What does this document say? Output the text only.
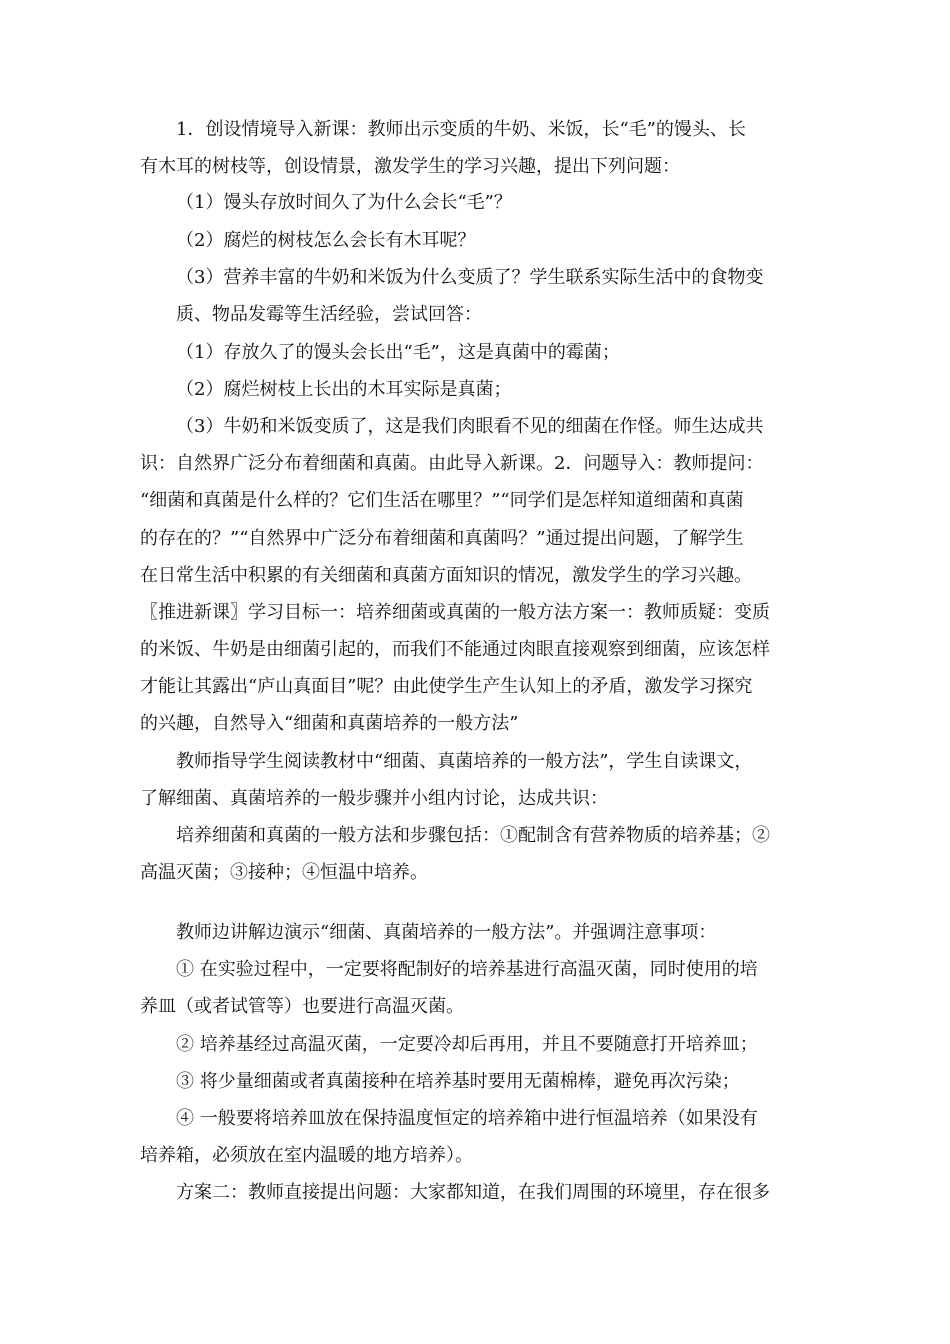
1．创设情境导入新课：教师出示变质的牛奶、米饭，长“毛”的馒头、长
有木耳的树枝等，创设情景，激发学生的学习兴趣，提出下列问题：
（1）馒头存放时间久了为什么会长“毛”？
（2）腐烂的树枝怎么会长有木耳呢？
（3）营养丰富的牛奶和米饭为什么变质了？学生联系实际生活中的食物变
质、物品发霉等生活经验，尝试回答：
（1）存放久了的馒头会长出“毛”，这是真菌中的霉菌；
（2）腐烂树枝上长出的木耳实际是真菌；
（3）牛奶和米饭变质了，这是我们肉眼看不见的细菌在作怪。师生达成共
识：自然界广泛分布着细菌和真菌。由此导入新课。2．问题导入：教师提问：
“细菌和真菌是什么样的？它们生活在哪里？”“同学们是怎样知道细菌和真菌
的存在的？”“自然界中广泛分布着细菌和真菌吗？”通过提出问题，了解学生
在日常生活中积累的有关细菌和真菌方面知识的情况，激发学生的学习兴趣。
〖推进新课〗学习目标一：培养细菌或真菌的一般方法方案一：教师质疑：变质
的米饭、牛奶是由细菌引起的，而我们不能通过肉眼直接观察到细菌，应该怎样
才能让其露出“庐山真面目”呢？由此使学生产生认知上的矛盾，激发学习探究
的兴趣，自然导入“细菌和真菌培养的一般方法”
教师指导学生阅读教材中“细菌、真菌培养的一般方法”，学生自读课文，
了解细菌、真菌培养的一般步骤并小组内讨论，达成共识：
培养细菌和真菌的一般方法和步骤包括：①配制含有营养物质的培养基；②
高温灭菌；③接种；④恒温中培养。
教师边讲解边演示“细菌、真菌培养的一般方法”。并强调注意事项：
① 在实验过程中，一定要将配制好的培养基进行高温灭菌，同时使用的培
养皿（或者试管等）也要进行高温灭菌。
② 培养基经过高温灭菌，一定要冷却后再用，并且不要随意打开培养皿；
③ 将少量细菌或者真菌接种在培养基时要用无菌棉棒，避免再次污染；
④ 一般要将培养皿放在保持温度恒定的培养箱中进行恒温培养（如果没有
培养箱，必须放在室内温暖的地方培养）。
方案二：教师直接提出问题：大家都知道，在我们周围的环境里，存在很多
